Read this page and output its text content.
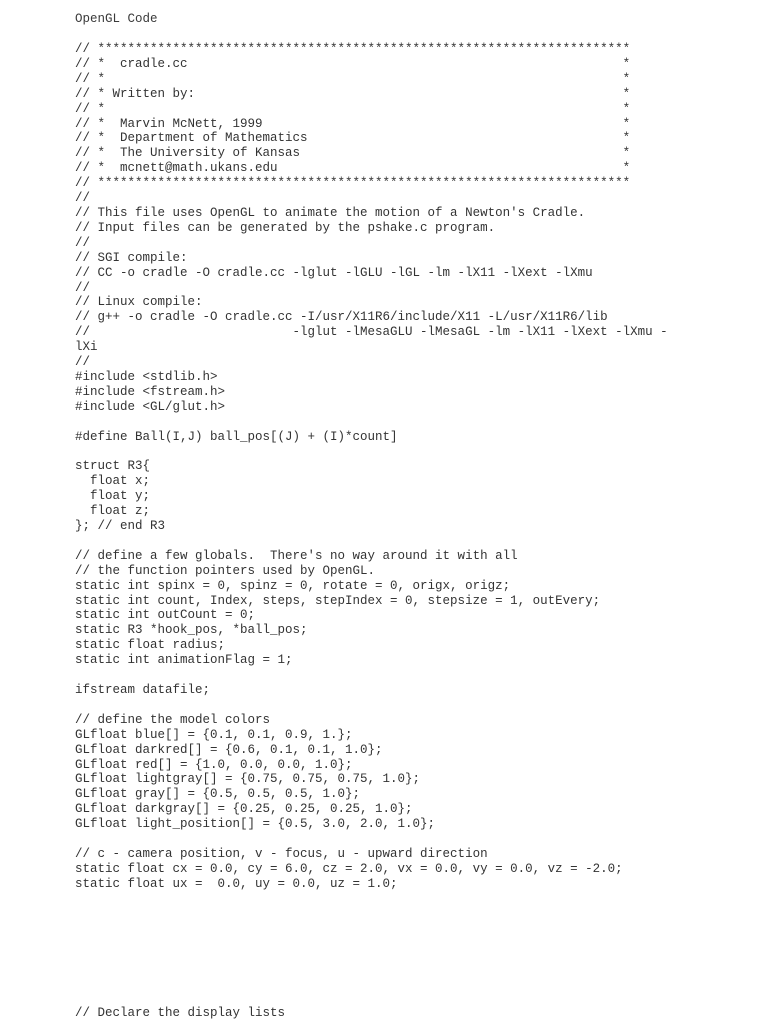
OpenGL Code
// ***********************************************************************
// *  cradle.cc                                                          *
// *                                                                     *
// * Written by:                                                         *
// *                                                                     *
// *  Marvin McNett, 1999                                                *
// *  Department of Mathematics                                          *
// *  The University of Kansas                                           *
// *  mcnett@math.ukans.edu                                              *
// ***********************************************************************
//
// This file uses OpenGL to animate the motion of a Newton's Cradle.
// Input files can be generated by the pshake.c program.
//
// SGI compile:
// CC -o cradle -O cradle.cc -lglut -lGLU -lGL -lm -lX11 -lXext -lXmu
//
// Linux compile:
// g++ -o cradle -O cradle.cc -I/usr/X11R6/include/X11 -L/usr/X11R6/lib
//                           -lglut -lMesaGLU -lMesaGL -lm -lX11 -lXext -lXmu -
lXi
//
#include <stdlib.h>
#include <fstream.h>
#include <GL/glut.h>

#define Ball(I,J) ball_pos[(J) + (I)*count]

struct R3{
float x;
float y;
float z;
}; // end R3

// define a few globals.  There's no way around it with all
// the function pointers used by OpenGL.
static int spinx = 0, spinz = 0, rotate = 0, origx, origz;
static int count, Index, steps, stepIndex = 0, stepsize = 1, outEvery;
static int outCount = 0;
static R3 *hook_pos, *ball_pos;
static float radius;
static int animationFlag = 1;

ifstream datafile;

// define the model colors
GLfloat blue[] = {0.1, 0.1, 0.9, 1.};
GLfloat darkred[] = {0.6, 0.1, 0.1, 1.0};
GLfloat red[] = {1.0, 0.0, 0.0, 1.0};
GLfloat lightgray[] = {0.75, 0.75, 0.75, 1.0};
GLfloat gray[] = {0.5, 0.5, 0.5, 1.0};
GLfloat darkgray[] = {0.25, 0.25, 0.25, 1.0};
GLfloat light_position[] = {0.5, 3.0, 2.0, 1.0};

// c - camera position, v - focus, u - upward direction
static float cx = 0.0, cy = 6.0, cz = 2.0, vx = 0.0, vy = 0.0, vz = -2.0;
static float ux =  0.0, uy = 0.0, uz = 1.0;
// Declare the display lists
